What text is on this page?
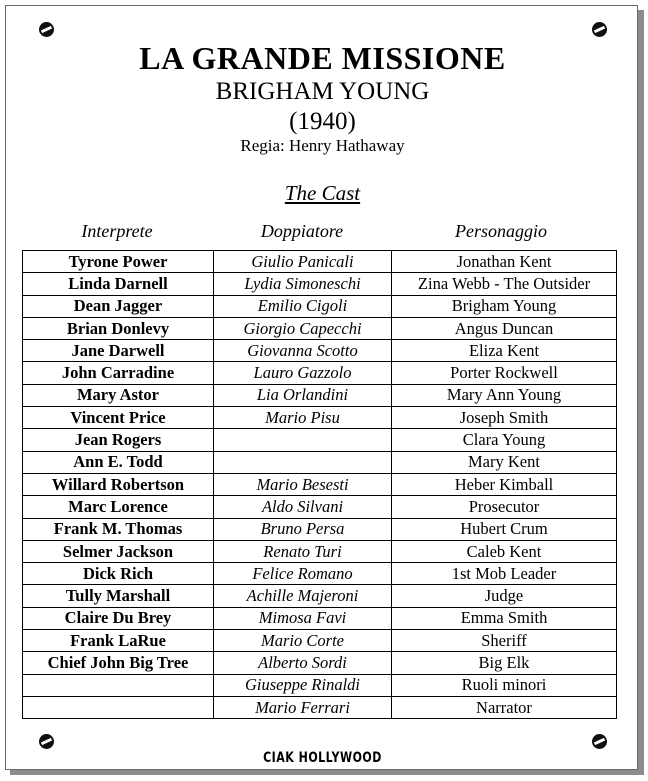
LA GRANDE MISSIONE
BRIGHAM YOUNG
(1940)
Regia: Henry Hathaway
The Cast
Interprete	Doppiatore	Personaggio
Tyrone Power	Giulio Panicali	Jonathan Kent
Linda Darnell	Lydia Simoneschi	Zina Webb - The Outsider
Dean Jagger	Emilio Cigoli	Brigham Young
Brian Donlevy	Giorgio Capecchi	Angus Duncan
Jane Darwell	Giovanna Scotto	Eliza Kent
John Carradine	Lauro Gazzolo	Porter Rockwell
Mary Astor	Lia Orlandini	Mary Ann Young
Vincent Price	Mario Pisu	Joseph Smith
Jean Rogers		Clara Young
Ann E. Todd		Mary Kent
Willard Robertson	Mario Besesti	Heber Kimball
Marc Lorence	Aldo Silvani	Prosecutor
Frank M. Thomas	Bruno Persa	Hubert Crum
Selmer Jackson	Renato Turi	Caleb Kent
Dick Rich	Felice Romano	1st Mob Leader
Tully Marshall	Achille Majeroni	Judge
Claire Du Brey	Mimosa Favi	Emma Smith
Frank LaRue	Mario Corte	Sheriff
Chief John Big Tree	Alberto Sordi	Big Elk
	Giuseppe Rinaldi	Ruoli minori
	Mario Ferrari	Narrator
CIAK HOLLYWOOD
